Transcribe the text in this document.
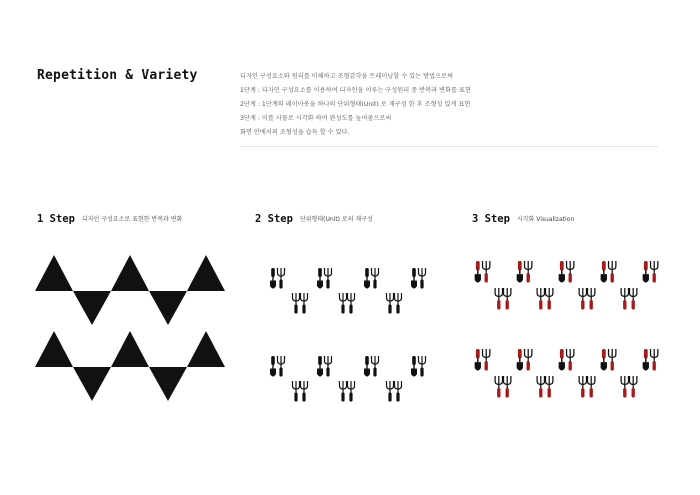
Repetition & Variety	디자인 구성요소와 원리를 이해하고 조형감각을 트레이닝할 수 있는 방법으로써
1단계 : 디자인 구성요소를 이용하여 디자인을 이루는 구성원리 중 반복과 변화를 표현
2단계 : 1단계의 레이아웃을 하나의 단위형태(Unit) 로 재구성 한 후 조형성 있게 표현
3단계 : 이를 사물로 시각화 하여 완성도를 높여줌으로써
화면 안에서의 조형성을 습득 할 수 있다.
1 Step 디자인 구성요소로 표현한 반복과 변화	2 Step 단위형태(Unit) 로의 재구성	3 Step 시각화 Visualization
